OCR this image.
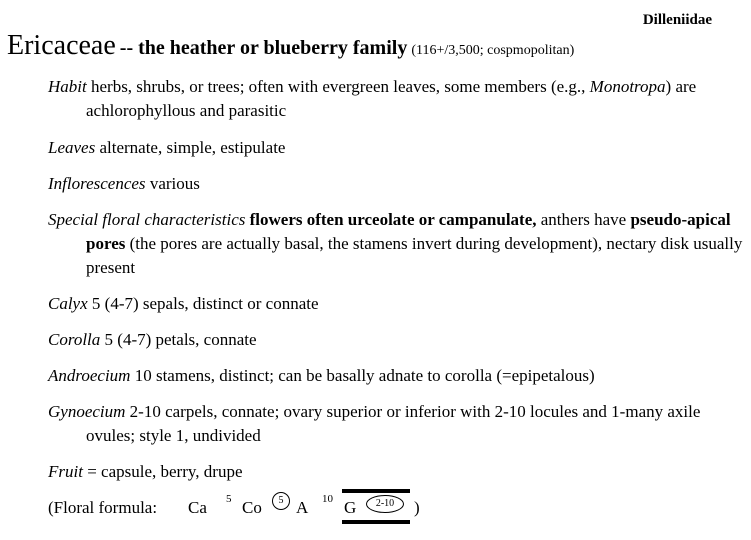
Dilleniidae
Ericaceae -- the heather or blueberry family (116+/3,500; cospmopolitan)
Habit herbs, shrubs, or trees; often with evergreen leaves, some members (e.g., Monotropa) are achlorophyllous and parasitic
Leaves alternate, simple, estipulate
Inflorescences various
Special floral characteristics flowers often urceolate or campanulate, anthers have pseudo-apical pores (the pores are actually basal, the stamens invert during development), nectary disk usually present
Calyx 5 (4-7) sepals, distinct or connate
Corolla 5 (4-7) petals, connate
Androecium 10 stamens, distinct; can be basally adnate to corolla (=epipetalous)
Gynoecium 2-10 carpels, connate; ovary superior or inferior with 2-10 locules and 1-many axile ovules; style 1, undivided
Fruit = capsule, berry, drupe
(Floral formula: Ca 5 Co	5 A 10 G	2-10	)
